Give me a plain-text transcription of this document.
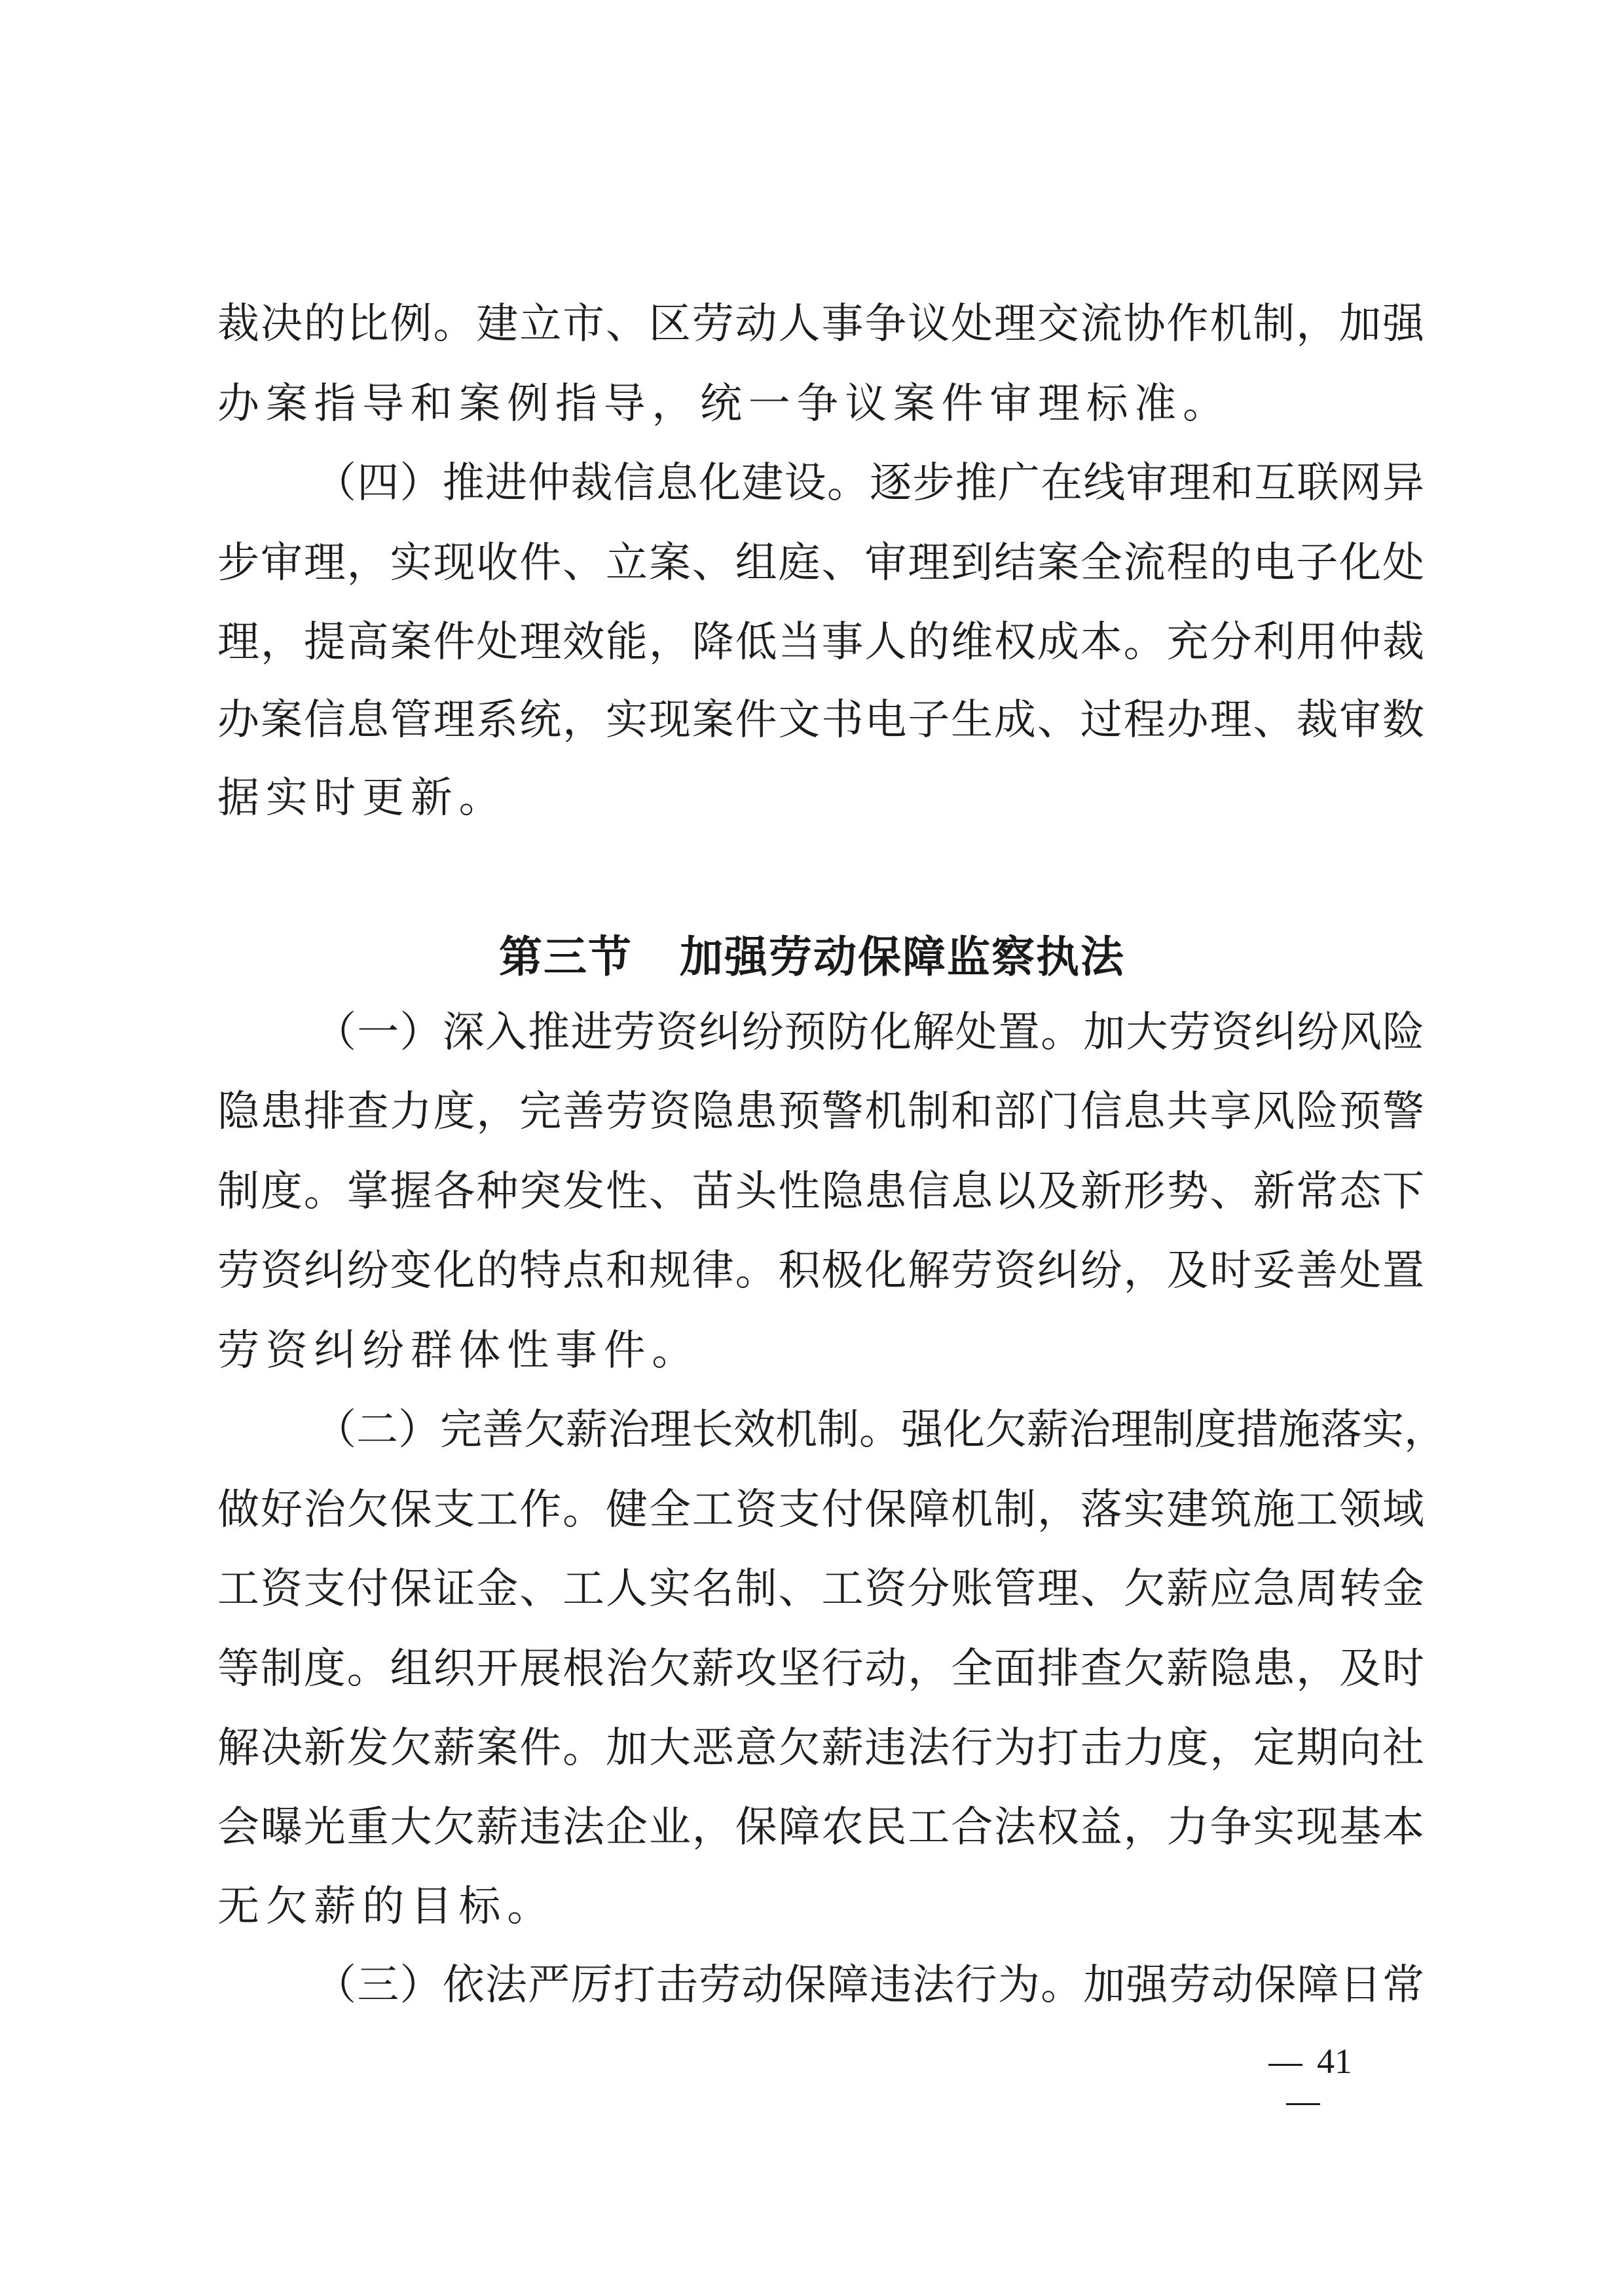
裁决的比例。建立市、区劳动人事争议处理交流协作机制，加强
办案指导和案例指导，统一争议案件审理标准。
（四）推进仲裁信息化建设。逐步推广在线审理和互联网异
步审理，实现收件、立案、组庭、审理到结案全流程的电子化处
理，提高案件处理效能，降低当事人的维权成本。充分利用仲裁
办案信息管理系统，实现案件文书电子生成、过程办理、裁审数
据实时更新。
第三节 加强劳动保障监察执法
（一）深入推进劳资纠纷预防化解处置。加大劳资纠纷风险
隐患排查力度，完善劳资隐患预警机制和部门信息共享风险预警
制度。掌握各种突发性、苗头性隐患信息以及新形势、新常态下
劳资纠纷变化的特点和规律。积极化解劳资纠纷，及时妥善处置
劳资纠纷群体性事件。
（二）完善欠薪治理长效机制。强化欠薪治理制度措施落实，
做好治欠保支工作。健全工资支付保障机制，落实建筑施工领域
工资支付保证金、工人实名制、工资分账管理、欠薪应急周转金
等制度。组织开展根治欠薪攻坚行动，全面排查欠薪隐患，及时
解决新发欠薪案件。加大恶意欠薪违法行为打击力度，定期向社
会曝光重大欠薪违法企业，保障农民工合法权益，力争实现基本
无欠薪的目标。
（三）依法严厉打击劳动保障违法行为。加强劳动保障日常
41
